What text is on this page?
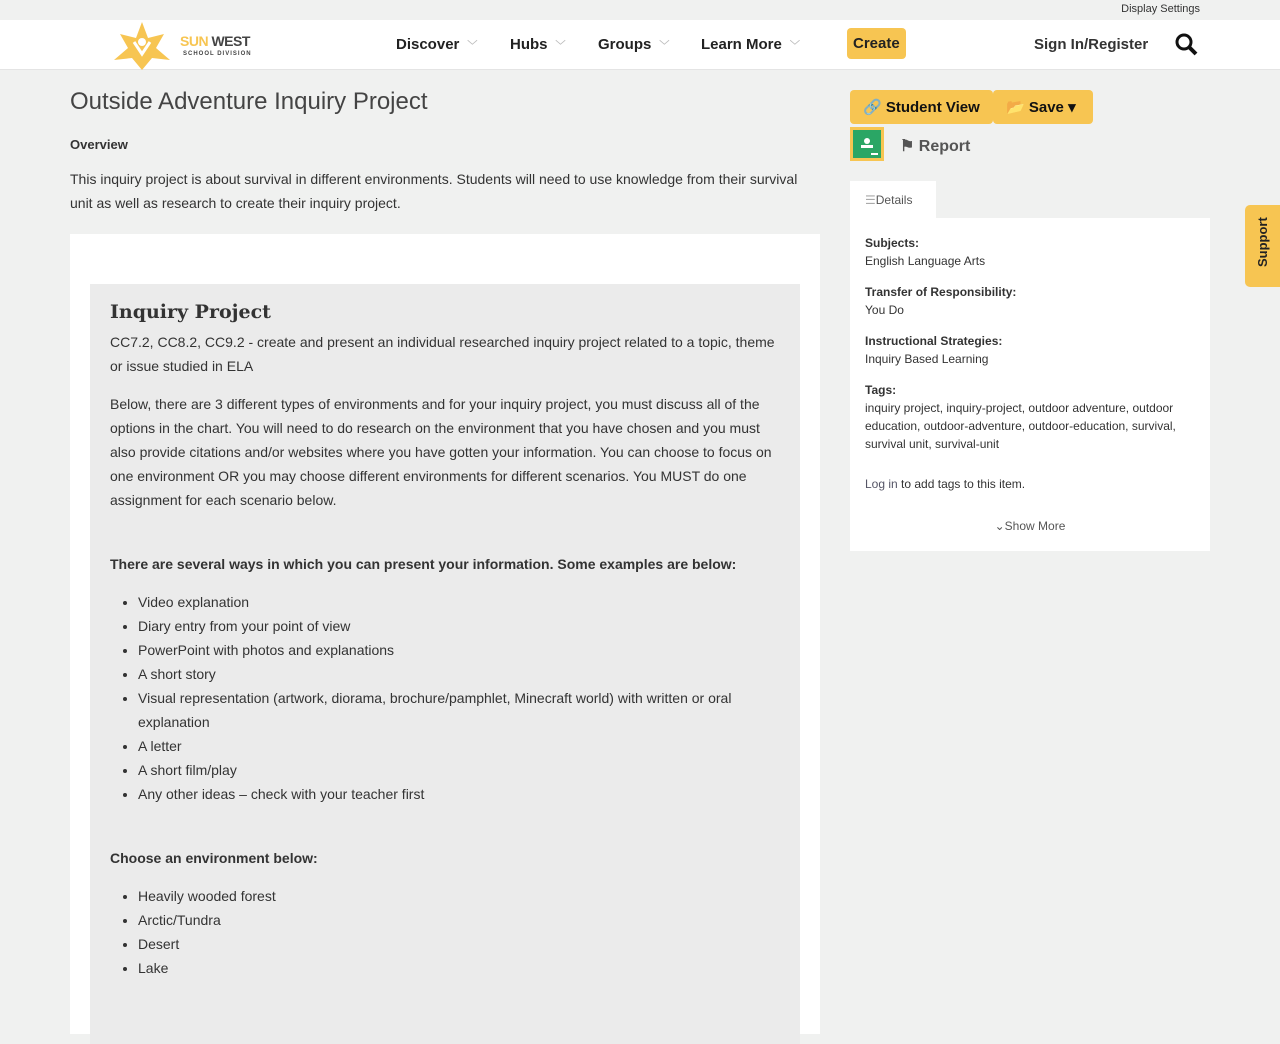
Display Settings
SUN WEST
SCHOOL DIVISION
Discover ﹀ Hubs ﹀ Groups ﹀ Learn More ﹀	Create	Sign In/Register
Outside Adventure Inquiry Project
Overview
This inquiry project is about survival in different environments. Students will need to use knowledge from their survival unit as well as research to create their inquiry project.
Inquiry Project

CC7.2, CC8.2, CC9.2 - create and present an individual researched inquiry project related to a topic, theme or issue studied in ELA

Below, there are 3 different types of environments and for your inquiry project, you must discuss all of the options in the chart. You will need to do research on the environment that you have chosen and you must also provide citations and/or websites where you have gotten your information. You can choose to focus on one environment OR you may choose different environments for different scenarios. You MUST do one assignment for each scenario below.

There are several ways in which you can present your information. Some examples are below:

• Video explanation
• Diary entry from your point of view
• PowerPoint with photos and explanations
• A short story
• Visual representation (artwork, diorama, brochure/pamphlet, Minecraft world) with written or oral explanation
• A letter
• A short film/play
• Any other ideas – check with your teacher first

Choose an environment below:

• Heavily wooded forest
• Arctic/Tundra
• Desert
• Lake
🔗 Student View	📂 Save ▾
⚑ Report
☰Details
Subjects:
English Language Arts
Transfer of Responsibility:
You Do
Instructional Strategies:
Inquiry Based Learning
Tags:
inquiry project, inquiry-project, outdoor adventure, outdoor education, outdoor-adventure, outdoor-education, survival, survival unit, survival-unit
Log in to add tags to this item.
⌄Show More
Support
